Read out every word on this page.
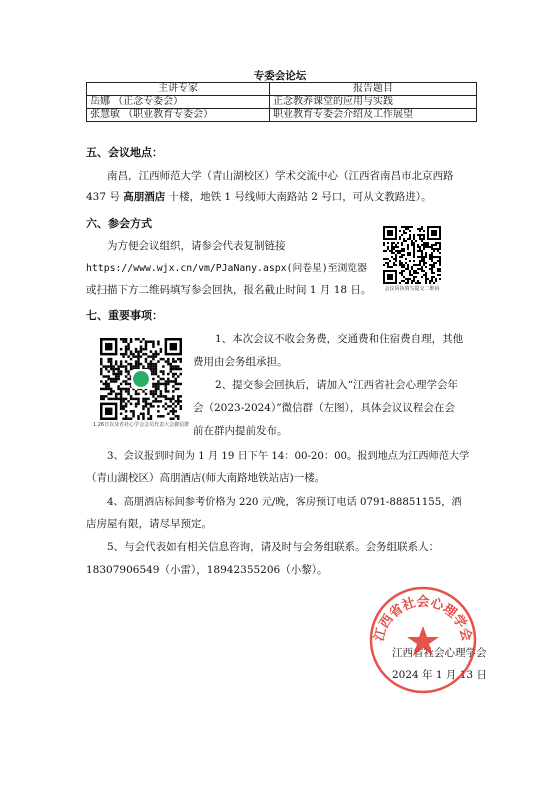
专委会论坛
主讲专家	报告题目
岳娜 （正念专委会）	正念教养课堂的应用与实践
张慧敏 （职业教育专委会）	职业教育专委会介绍及工作展望
五、会议地点：
南昌，江西师范大学（青山湖校区）学术交流中心（江西省南昌市北京西路
437 号 高朋酒店 十楼，地铁 1 号线师大南路站 2 号口，可从文教路进）。
六、参会方式
为方便会议组织，请参会代表复制链接
https://www.wjx.cn/vm/PJaNany.aspx(问卷星)至浏览器
或扫描下方二维码填写参会回执，报名截止时间 1 月 18 日。	会议回执填写提交二维码
七、重要事项：
1.26日以及省社心学会会员代表大会微信群
1、本次会议不收会务费，交通费和住宿费自理，其他
费用由会务组承担。
2、提交参会回执后，请加入“江西省社会心理学会年
会（2023-2024）”微信群（左图），具体会议议程会在会
前在群内提前发布。
3、会议报到时间为 1 月 19 日下午 14：00-20：00。报到地点为江西师范大学
（青山湖校区）高朋酒店(师大南路地铁站店)一楼。
4、高朋酒店标间参考价格为 220 元/晚，客房预订电话 0791-88851155，酒
店房屋有限，请尽早预定。
5、与会代表如有相关信息咨询，请及时与会务组联系。会务组联系人：
18307906549（小雷），18942355206（小黎）。
江西省社会心理学会
2024 年 1 月 13 日
江西省社会心理学会
